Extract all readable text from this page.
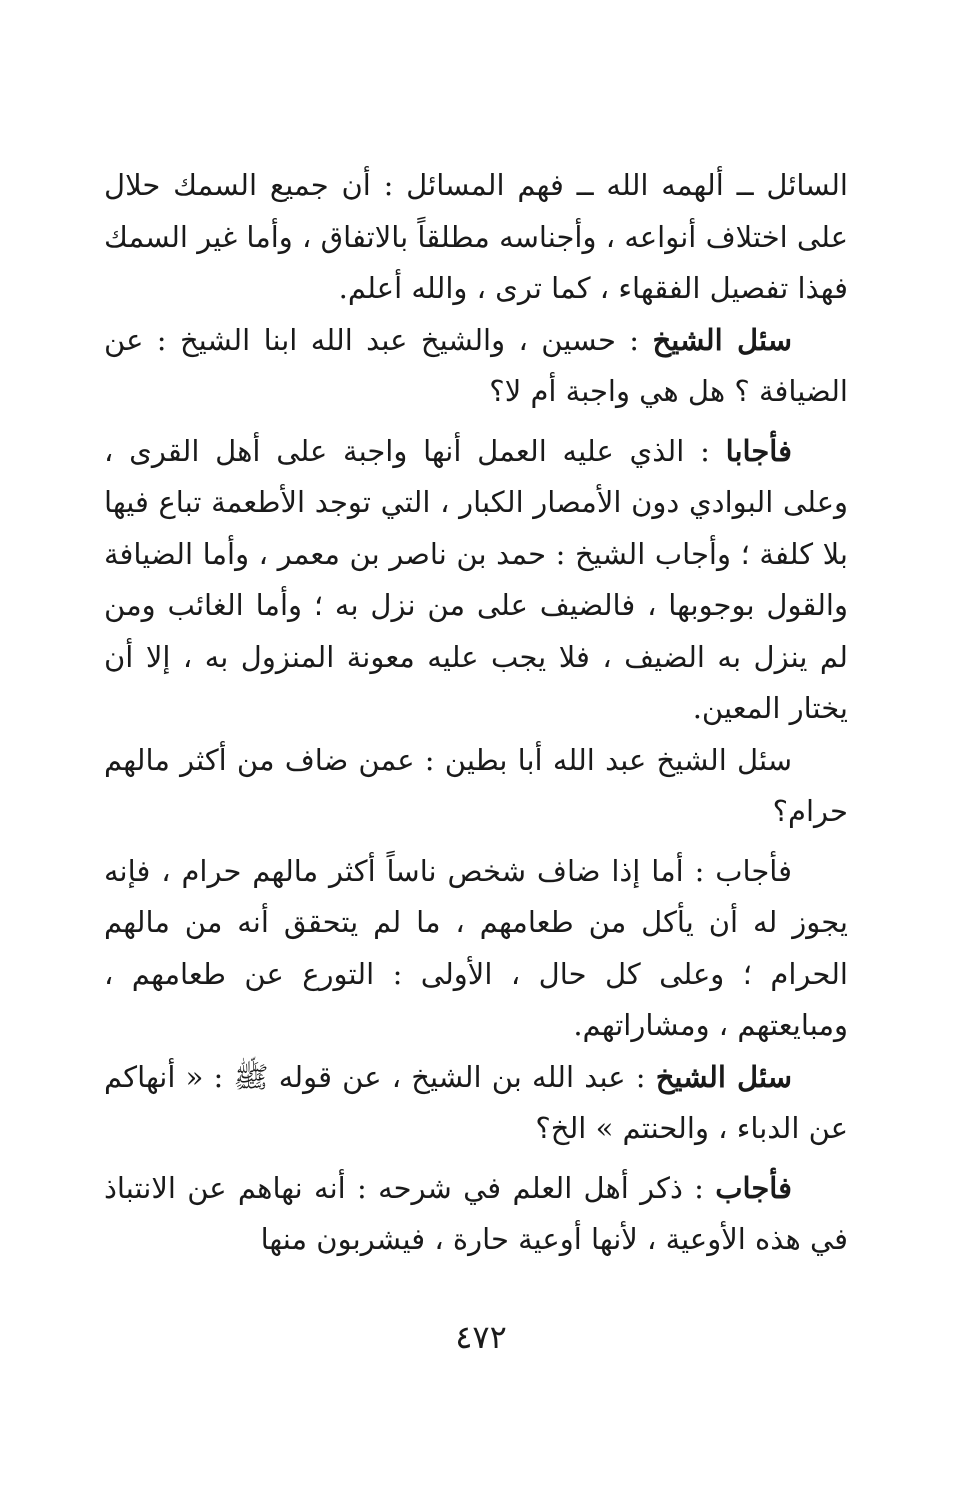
السائل ــ ألهمه الله ــ فهم المسائل : أن جميع السمك حلال على اختلاف أنواعه ، وأجناسه مطلقاً بالاتفاق ، وأما غير السمك فهذا تفصيل الفقهاء ، كما ترى ، والله أعلم.

سئل الشيخ : حسين ، والشيخ عبد الله ابنا الشيخ : عن الضيافة ؟ هل هي واجبة أم لا؟

فأجابا : الذي عليه العمل أنها واجبة على أهل القرى ، وعلى البوادي دون الأمصار الكبار ، التي توجد الأطعمة تباع فيها بلا كلفة ؛ وأجاب الشيخ : حمد بن ناصر بن معمر ، وأما الضيافة والقول بوجوبها ، فالضيف على من نزل به ؛ وأما الغائب ومن لم ينزل به الضيف ، فلا يجب عليه معونة المنزول به ، إلا أن يختار المعين.

سئل الشيخ عبد الله أبا بطين : عمن ضاف من أكثر مالهم حرام؟

فأجاب : أما إذا ضاف شخص ناساً أكثر مالهم حرام ، فإنه يجوز له أن يأكل من طعامهم ، ما لم يتحقق أنه من مالهم الحرام ؛ وعلى كل حال ، الأولى : التورع عن طعامهم ، ومبايعتهم ، ومشاراتهم.

سئل الشيخ : عبد الله بن الشيخ ، عن قوله ﷺ : « أنهاكم عن الدباء ، والحنتم » الخ؟

فأجاب : ذكر أهل العلم في شرحه : أنه نهاهم عن الانتباذ في هذه الأوعية ، لأنها أوعية حارة ، فيشربون منها

٤٧٢
